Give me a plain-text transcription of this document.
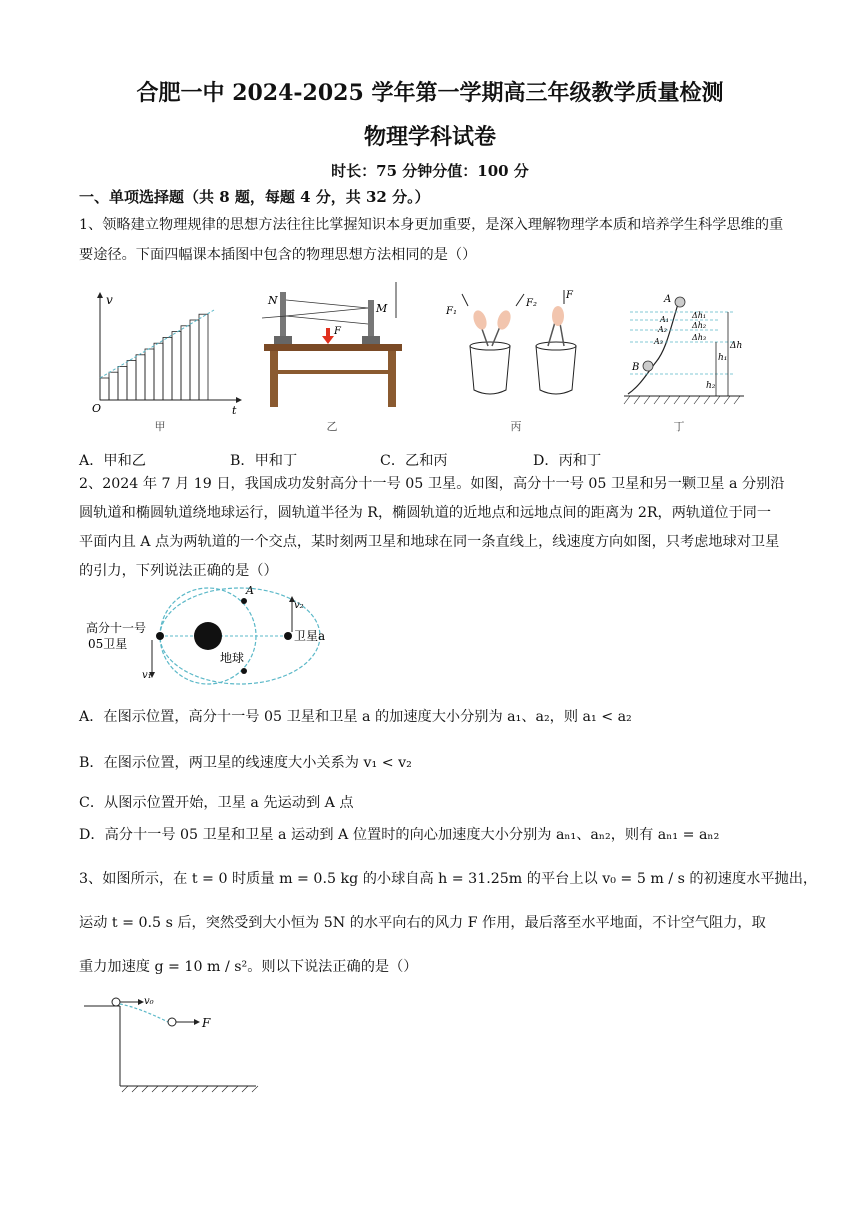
合肥一中 2024-2025 学年第一学期高三年级教学质量检测
物理学科试卷
时长：75 分钟分值：100 分
一、单项选择题（共 8 题，每题 4 分，共 32 分。）
1、领略建立物理规律的思想方法往往比掌握知识本身更加重要，是深入理解物理学本质和培养学生科学思维的重要途径。下面四幅课本插图中包含的物理思想方法相同的是（）
v
t
O
甲
N
M
F
乙
F₁
F₂
F
丙
A
B
A₁
A₂
A₃
Δh₁
Δh₂
Δh₃
Δh
h₁
h₂
丁
A．甲和乙	B．甲和丁	C．乙和丙	D．丙和丁
2、2024 年 7 月 19 日，我国成功发射高分十一号 05 卫星。如图，高分十一号 05 卫星和另一颗卫星 a 分别沿圆轨道和椭圆轨道绕地球运行，圆轨道半径为 R，椭圆轨道的近地点和远地点间的距离为 2R，两轨道位于同一平面内且 A 点为两轨道的一个交点，某时刻两卫星和地球在同一条直线上，线速度方向如图，只考虑地球对卫星的引力，下列说法正确的是（）
高分十一号
05卫星
卫星a
地球
A
v₁
v₂
A．在图示位置，高分十一号 05 卫星和卫星 a 的加速度大小分别为 a₁、a₂，则 a₁ < a₂
B．在图示位置，两卫星的线速度大小关系为 v₁ < v₂
C．从图示位置开始，卫星 a 先运动到 A 点
D．高分十一号 05 卫星和卫星 a 运动到 A 位置时的向心加速度大小分别为 aₙ₁、aₙ₂，则有 aₙ₁ = aₙ₂
3、如图所示，在 t = 0 时质量 m = 0.5 kg 的小球自高 h = 31.25m 的平台上以 v₀ = 5 m / s 的初速度水平抛出，
运动 t = 0.5 s 后，突然受到大小恒为 5N 的水平向右的风力 F 作用，最后落至水平地面，不计空气阻力，取
重力加速度 g = 10 m / s²。则以下说法正确的是（）
v₀
F
